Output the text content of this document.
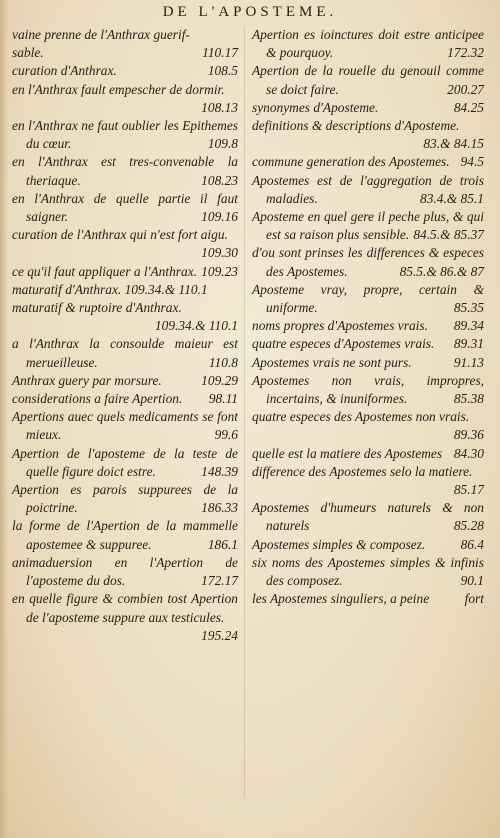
DE L'APOSTEME.
vaine prenne de l'Anthrax guerif-
sable.	110.17
curation d'Anthrax.	108.5
en l'Anthrax fault empescher de dormir.
108.13
en l'Anthrax ne faut oublier les Epithemes du cœur.	109.8
en l'Anthrax est tres-convenable la theriaque.	108.23
en l'Anthrax de quelle partie il faut saigner.	109.16
curation de l'Anthrax qui n'est fort aigu.
109.30
ce qu'il faut appliquer a l'Anthrax. 109.23
maturatif d'Anthrax. 109.34.& 110.1
maturatif & ruptoire d'Anthrax.
109.34.& 110.1
a l'Anthrax la consoulde maieur est merueilleuse.	110.8
Anthrax guery par morsure.	109.29
considerations a faire Apertion. 98.11
Apertions auec quels medicaments se font mieux.	99.6
Apertion de l'aposteme de la teste de quelle figure doict estre.	148.39
Apertion es parois suppurees de la poictrine.	186.33
la forme de l'Apertion de la mammelle apostemee & suppuree.	186.1
animaduersion en l'Apertion de l'aposteme du dos.	172.17
en quelle figure & combien tost Apertion de l'aposteme suppure aux testicules.
195.24
Apertion es ioinctures doit estre anticipee & pourquoy.	172.32
Apertion de la rouelle du genouil comme se doict faire.	200.27
synonymes d'Aposteme.	84.25
definitions & descriptions d'Aposteme.
83.& 84.15
commune generation des Apostemes. 94.5
Apostemes est de l'aggregation de trois maladies.	83.4.& 85.1
Aposteme en quel gere il peche plus, & qui est sa raison plus sensible. 84.5.& 85.37
d'ou sont prinses les differences & especes des Apostemes.	85.5.& 86.& 87
Aposteme vray, propre, certain & uniforme.	85.35
noms propres d'Apostemes vrais. 89.34
quatre especes d'Apostemes vrais. 89.31
Apostemes vrais ne sont purs.	91.13
Apostemes non vrais, impropres, incertains, & inuniformes.	85.38
quatre especes des Apostemes non vrais.
89.36
quelle est la matiere des Apostemes 84.30
difference des Apostemes selo la matiere.
85.17
Apostemes d'humeurs naturels & non naturels	85.28
Apostemes simples & composez.	86.4
six noms des Apostemes simples & infinis des composez.	90.1
les Apostemes singuliers, a peine	fort
